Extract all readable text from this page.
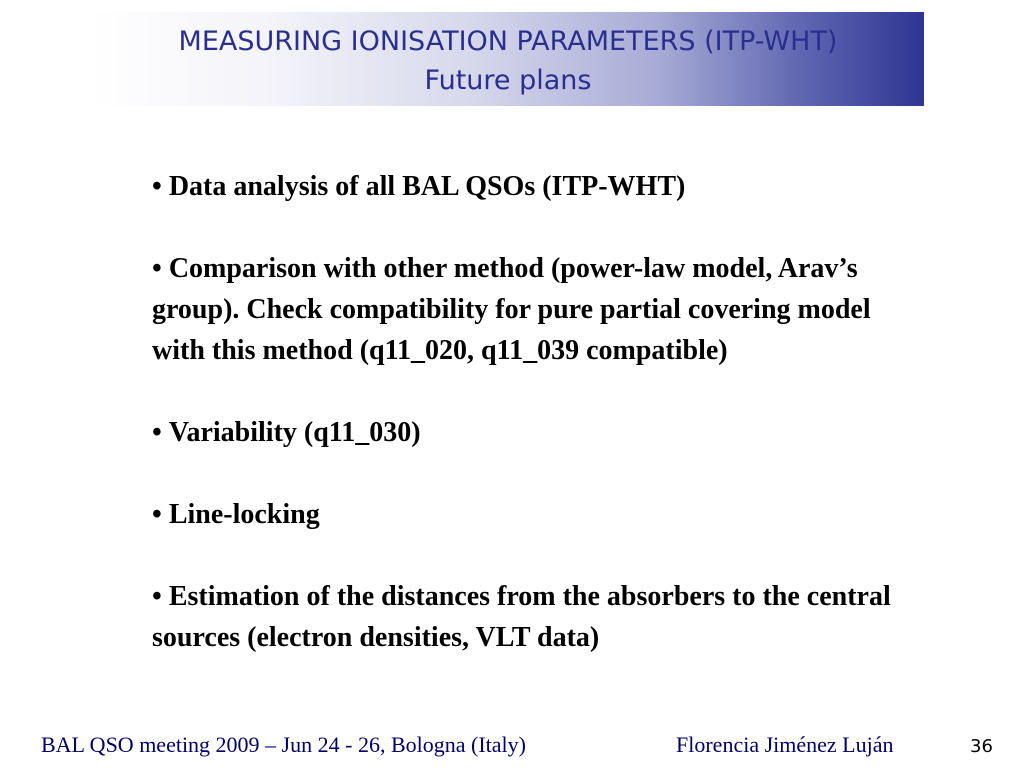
MEASURING IONISATION PARAMETERS (ITP-WHT)
Future plans

• Data analysis of all BAL QSOs (ITP-WHT)

• Comparison with other method (power-law model, Arav’s group). Check compatibility for pure partial covering model with this method (q11_020, q11_039 compatible)

• Variability (q11_030)

• Line-locking

• Estimation of the distances from the absorbers to the central sources (electron densities, VLT data)

BAL QSO meeting 2009 – Jun 24 - 26, Bologna (Italy)	Florencia Jiménez Luján	36
